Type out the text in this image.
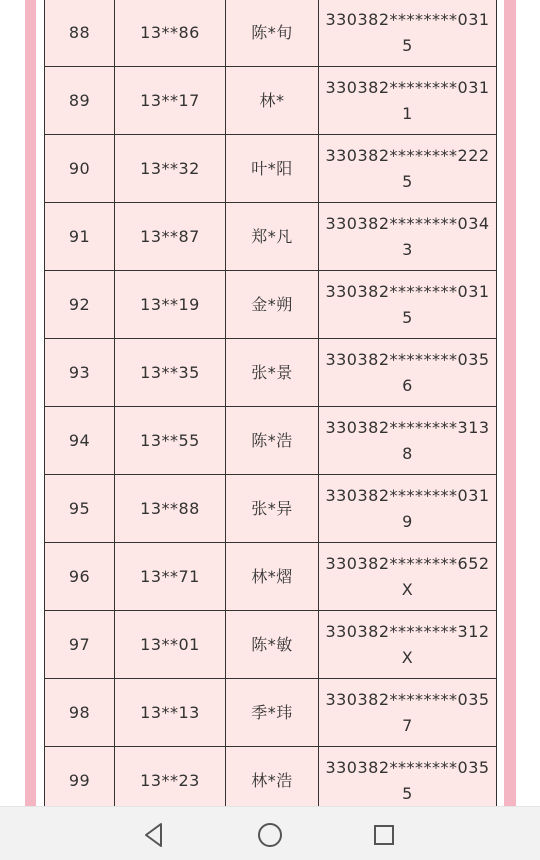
88	13**86	陈*旬	330382********0315
89	13**17	林*	330382********0311
90	13**32	叶*阳	330382********2225
91	13**87	郑*凡	330382********0343
92	13**19	金*朔	330382********0315
93	13**35	张*景	330382********0356
94	13**55	陈*浩	330382********3138
95	13**88	张*异	330382********0319
96	13**71	林*熠	330382********652X
97	13**01	陈*敏	330382********312X
98	13**13	季*玮	330382********0357
99	13**23	林*浩	330382********0355
